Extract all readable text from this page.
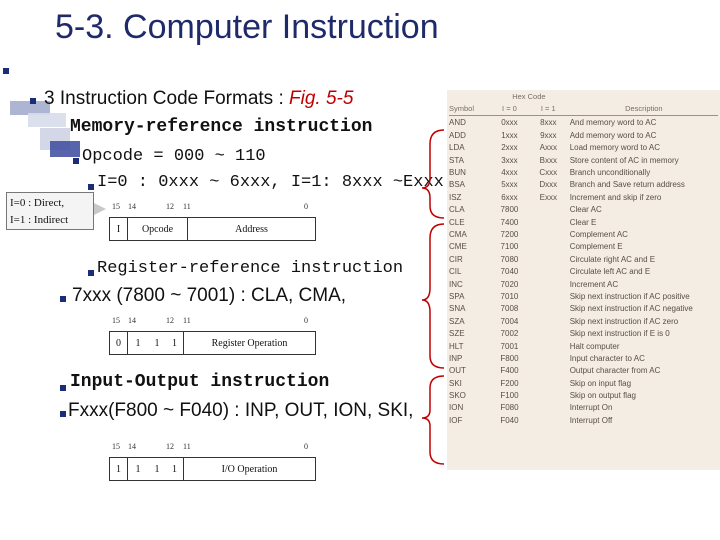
5-3. Computer Instruction
3 Instruction Code Formats : Fig. 5-5
Memory-reference instruction
Opcode = 000 ~ 110
I=0 : 0xxx ~ 6xxx, I=1: 8xxx ~Exxx
I=0 : Direct,
I=1 : Indirect
15 14	12 11	0
I	Opcode	Address
Register-reference instruction
7xxx (7800 ~ 7001) : CLA, CMA,
15 14	12 11	0
0	1	1	1	Register Operation
Input-Output instruction
Fxxx(F800 ~ F040) : INP, OUT, ION, SKI,
15 14	12 11	0
1	1	1	1	I/O Operation
	Hex Code		
Symbol	I = 0	I = 1	Description

AND	0xxx	8xxx	And memory word to AC
ADD	1xxx	9xxx	Add memory word to AC
LDA	2xxx	Axxx	Load memory word to AC
STA	3xxx	Bxxx	Store content of AC in memory
BUN	4xxx	Cxxx	Branch unconditionally
BSA	5xxx	Dxxx	Branch and Save return address
ISZ	6xxx	Exxx	Increment and skip if zero
CLA	7800		Clear AC
CLE	7400		Clear E
CMA	7200		Complement AC
CME	7100		Complement E
CIR	7080		Circulate right AC and E
CIL	7040		Circulate left AC and E
INC	7020		Increment AC
SPA	7010		Skip next instruction if AC positive
SNA	7008		Skip next instruction if AC negative
SZA	7004		Skip next instruction if AC zero
SZE	7002		Skip next instruction if E is 0
HLT	7001		Halt computer
INP	F800		Input character to AC
OUT	F400		Output character from AC
SKI	F200		Skip on input flag
SKO	F100		Skip on output flag
ION	F080		Interrupt On
IOF	F040		Interrupt Off
